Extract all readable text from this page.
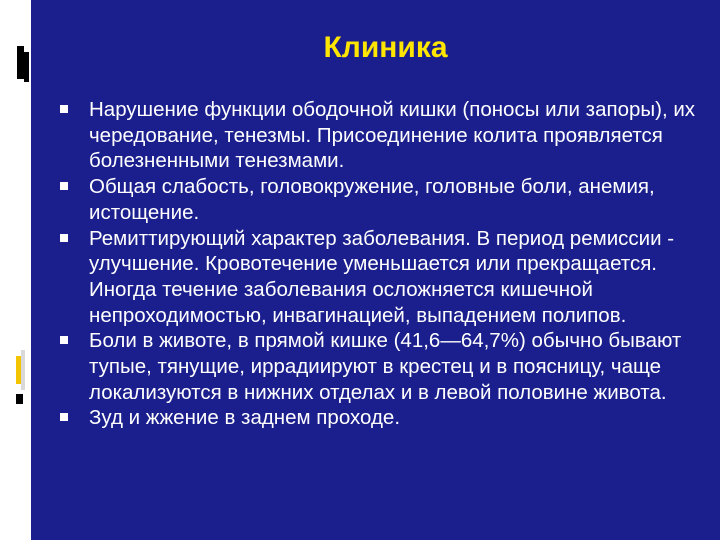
Клиника
Нарушение функции ободочной кишки (поносы или запоры), их чередование, тенезмы. Присоединение колита проявляется болезненными тенезмами.
Общая слабость, головокружение, головные боли, анемия, истощение.
Ремиттирующий характер заболевания. В период ремиссии - улучшение. Кровотечение уменьшается или прекращается. Иногда течение заболевания осложняется кишечной непроходимостью, инвагинацией, выпадением полипов.
Боли в животе, в прямой кишке (41,6—64,7%) обычно бывают тупые, тянущие, иррадиируют в крестец и в поясницу, чаще локализуются в нижних отделах и в левой половине живота.
Зуд и жжение в заднем проходе.
